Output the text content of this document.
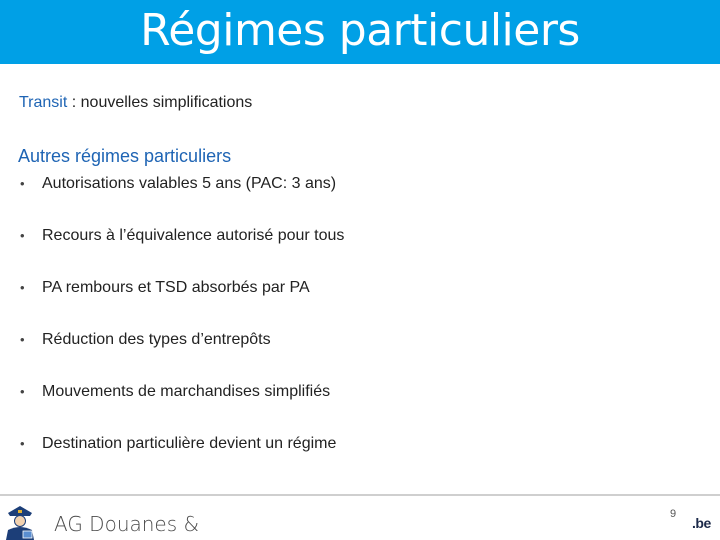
Régimes particuliers
Transit : nouvelles simplifications
Autres régimes particuliers
• Autorisations valables 5 ans (PAC: 3 ans)
• Recours à l’équivalence autorisé pour tous
• PA rembours et TSD absorbés par PA
• Réduction des types d’entrepôts
• Mouvements de marchandises simplifiés
• Destination particulière devient un régime
AG Douanes &	9
.be
